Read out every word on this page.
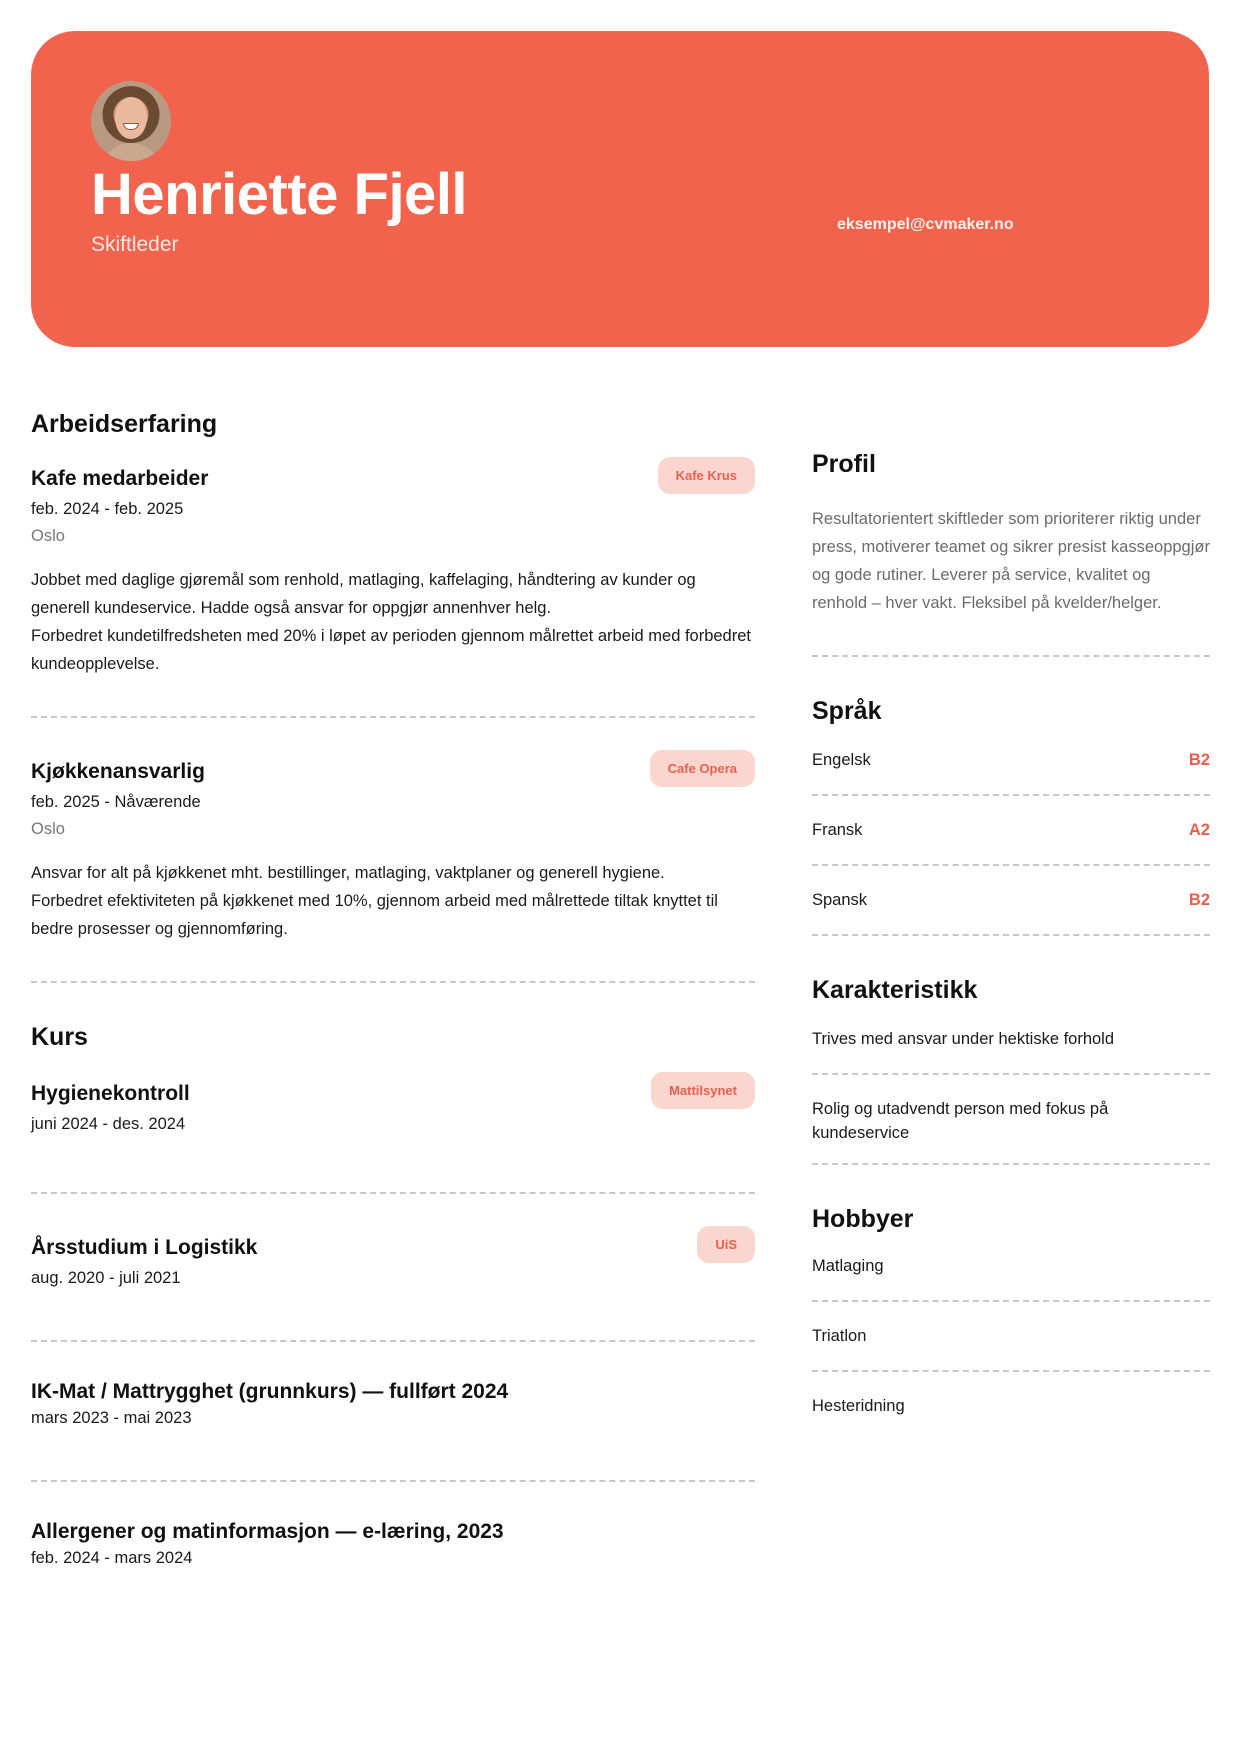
Henriette Fjell
Skiftleder
eksempel@cvmaker.no
Arbeidserfaring
Kafe medarbeider	Kafe Krus
feb. 2024 - feb. 2025
Oslo
Jobbet med daglige gjøremål som renhold, matlaging, kaffelaging, håndtering av kunder og generell kundeservice. Hadde også ansvar for oppgjør annenhver helg.
Forbedret kundetilfredsheten med 20% i løpet av perioden gjennom målrettet arbeid med forbedret kundeopplevelse.
Kjøkkenansvarlig	Cafe Opera
feb. 2025 - Nåværende
Oslo
Ansvar for alt på kjøkkenet mht. bestillinger, matlaging, vaktplaner og generell hygiene.
Forbedret efektiviteten på kjøkkenet med 10%, gjennom arbeid med målrettede tiltak knyttet til bedre prosesser og gjennomføring.
Kurs
Hygienekontroll	Mattilsynet
juni 2024 - des. 2024
Årsstudium i Logistikk	UiS
aug. 2020 - juli 2021
IK-Mat / Mattrygghet (grunnkurs) — fullført 2024
mars 2023 - mai 2023
Allergener og matinformasjon — e-læring, 2023
feb. 2024 - mars 2024
Profil
Resultatorientert skiftleder som prioriterer riktig under press, motiverer teamet og sikrer presist kasseoppgjør og gode rutiner. Leverer på service, kvalitet og renhold – hver vakt. Fleksibel på kvelder/helger.
Språk
Engelsk	B2
Fransk	A2
Spansk	B2
Karakteristikk
Trives med ansvar under hektiske forhold
Rolig og utadvendt person med fokus på kundeservice
Hobbyer
Matlaging
Triatlon
Hesteridning
